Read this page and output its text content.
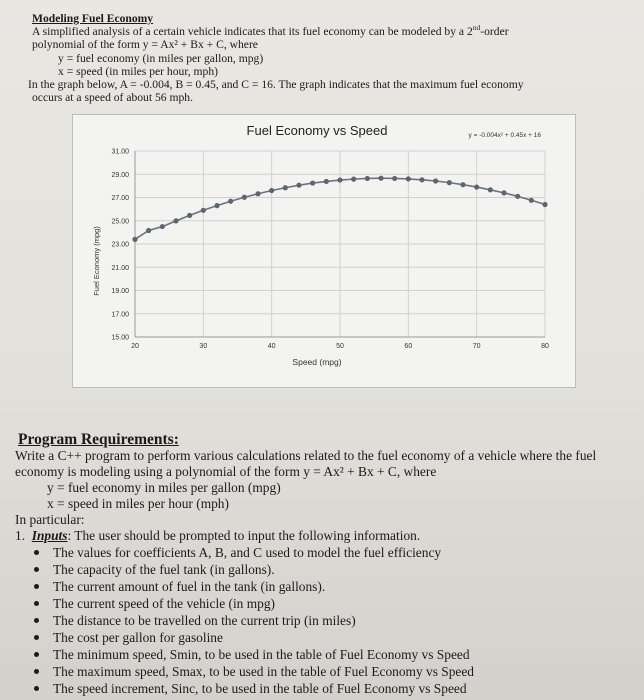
Modeling Fuel Economy
A simplified analysis of a certain vehicle indicates that its fuel economy can be modeled by a 2nd-order
polynomial of the form y = Ax² + Bx + C, where
y = fuel economy (in miles per gallon, mpg)
x = speed (in miles per hour, mph)
In the graph below, A = -0.004, B = 0.45, and C = 16. The graph indicates that the maximum fuel economy
occurs at a speed of about 56 mph.
Fuel Economy vs Speed	y = -0.004x² + 0.45x + 16
Speed (mpg)
Fuel Economy (mpg)
20	30	40	50	60	70	80
15.00
17.00
19.00
21.00
23.00
25.00
27.00
29.00
31.00
Program Requirements:
Write a C++ program to perform various calculations related to the fuel economy of a vehicle where the fuel
economy is modeling using a polynomial of the form y = Ax² + Bx + C, where
y = fuel economy in miles per gallon (mpg)
x = speed in miles per hour (mph)
In particular:
1. Inputs: The user should be prompted to input the following information.
The values for coefficients A, B, and C used to model the fuel efficiency
The capacity of the fuel tank (in gallons).
The current amount of fuel in the tank (in gallons).
The current speed of the vehicle (in mpg)
The distance to be travelled on the current trip (in miles)
The cost per gallon for gasoline
The minimum speed, Smin, to be used in the table of Fuel Economy vs Speed
The maximum speed, Smax, to be used in the table of Fuel Economy vs Speed
The speed increment, Sinc, to be used in the table of Fuel Economy vs Speed
